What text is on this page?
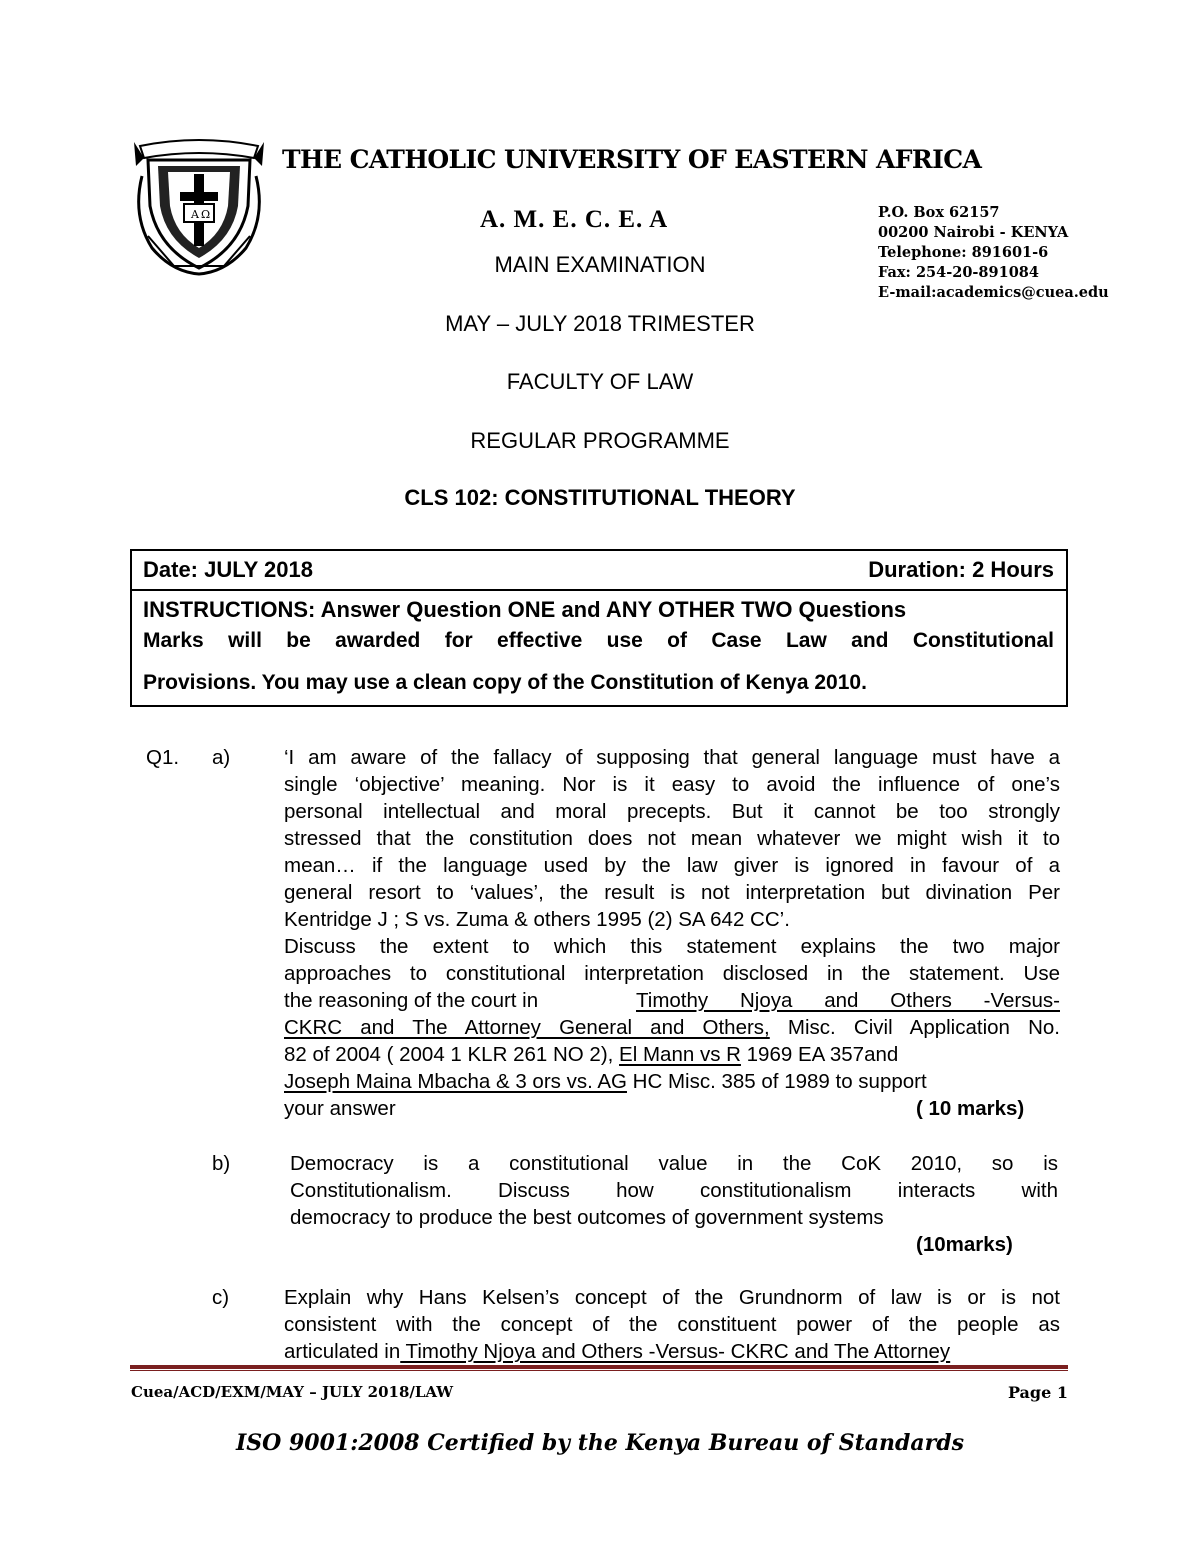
A Ω
THE CATHOLIC UNIVERSITY OF EASTERN AFRICA
A. M. E. C. E. A
MAIN EXAMINATION
MAY – JULY 2018 TRIMESTER
FACULTY OF LAW
REGULAR PROGRAMME
CLS 102: CONSTITUTIONAL THEORY
P.O. Box 62157
00200 Nairobi - KENYA
Telephone: 891601-6
Fax: 254-20-891084
E-mail:academics@cuea.edu
Date: JULY 2018	Duration: 2 Hours
INSTRUCTIONS: Answer Question ONE and ANY OTHER TWO Questions
Marks will be awarded for effective use of Case Law and Constitutional
Provisions. You may use a clean copy of the Constitution of Kenya 2010.
Q1. a)	‘I am aware of the fallacy of supposing that general language must have a
single ‘objective’ meaning. Nor is it easy to avoid the influence of one’s
personal intellectual and moral precepts. But it cannot be too strongly
stressed that the constitution does not mean whatever we might wish it to
mean… if the language used by the law giver is ignored in favour of a
general resort to ‘values’, the result is not interpretation but divination Per
Kentridge J ; S vs. Zuma & others 1995 (2) SA 642 CC’.
Discuss the extent to which this statement explains the two major
approaches to constitutional interpretation disclosed in the statement. Use
the reasoning of the court in	Timothy Njoya and Others -Versus-
CKRC and The Attorney General and Others, Misc. Civil Application No.
82 of 2004 ( 2004 1 KLR 261 NO 2), El Mann vs R 1969 EA 357and
Joseph Maina Mbacha & 3 ors vs. AG HC Misc. 385 of 1989 to support
your answer	( 10 marks)
b)	Democracy is a constitutional value in the CoK 2010, so is
Constitutionalism. Discuss how constitutionalism interacts with
democracy to produce the best outcomes of government systems
(10marks)
c)	Explain why Hans Kelsen’s concept of the Grundnorm of law is or is not
consistent with the concept of the constituent power of the people as
articulated in Timothy Njoya and Others -Versus- CKRC and The Attorney
Cuea/ACD/EXM/MAY – JULY 2018/LAW	Page 1
ISO 9001:2008 Certified by the Kenya Bureau of Standards
